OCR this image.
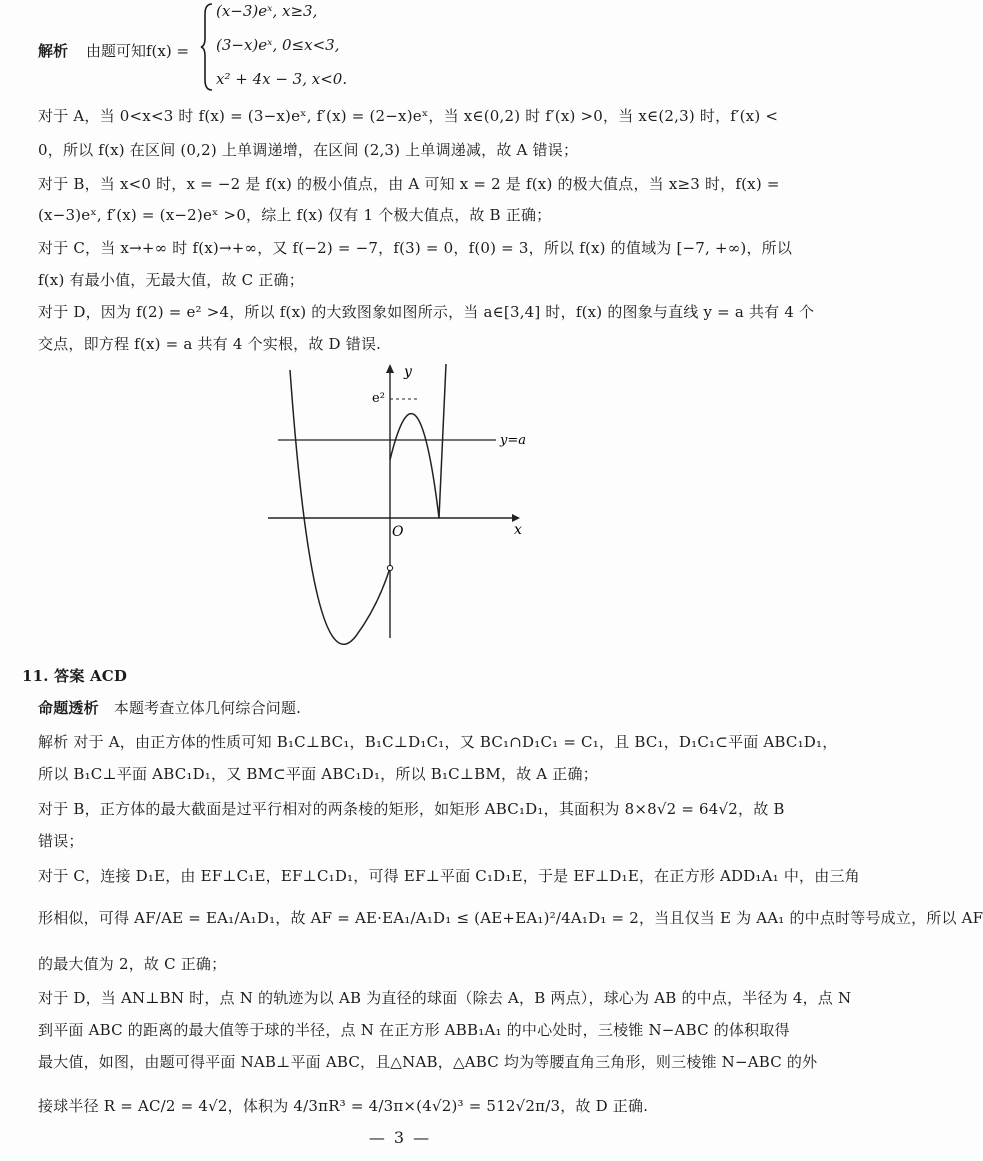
解析 由题可知f(x) =
(x−3)eˣ, x≥3,
(3−x)eˣ, 0≤x<3,
x² + 4x − 3, x<0.
对于 A，当 0<x<3 时 f(x) = (3−x)eˣ, f′(x) = (2−x)eˣ，当 x∈(0,2) 时 f′(x) >0，当 x∈(2,3) 时，f′(x) <
0，所以 f(x) 在区间 (0,2) 上单调递增，在区间 (2,3) 上单调递减，故 A 错误；
对于 B，当 x<0 时，x = −2 是 f(x) 的极小值点，由 A 可知 x = 2 是 f(x) 的极大值点，当 x≥3 时，f(x) =
(x−3)eˣ, f′(x) = (x−2)eˣ >0，综上 f(x) 仅有 1 个极大值点，故 B 正确；
对于 C，当 x→+∞ 时 f(x)→+∞，又 f(−2) = −7，f(3) = 0，f(0) = 3，所以 f(x) 的值域为 [−7, +∞)，所以
f(x) 有最小值，无最大值，故 C 正确；
对于 D，因为 f(2) = e² >4，所以 f(x) 的大致图象如图所示，当 a∈[3,4] 时，f(x) 的图象与直线 y = a 共有 4 个
交点，即方程 f(x) = a 共有 4 个实根，故 D 错误.
y
x
O
e²
y=a
11. 答案 ACD
命题透析 本题考查立体几何综合问题.
解析 对于 A，由正方体的性质可知 B₁C⊥BC₁，B₁C⊥D₁C₁，又 BC₁∩D₁C₁ = C₁，且 BC₁，D₁C₁⊂平面 ABC₁D₁，
所以 B₁C⊥平面 ABC₁D₁，又 BM⊂平面 ABC₁D₁，所以 B₁C⊥BM，故 A 正确；
对于 B，正方体的最大截面是过平行相对的两条棱的矩形，如矩形 ABC₁D₁，其面积为 8×8√2 = 64√2，故 B
错误；
对于 C，连接 D₁E，由 EF⊥C₁E，EF⊥C₁D₁，可得 EF⊥平面 C₁D₁E，于是 EF⊥D₁E，在正方形 ADD₁A₁ 中，由三角
形相似，可得 AF/AE = EA₁/A₁D₁，故 AF = AE·EA₁/A₁D₁ ≤ (AE+EA₁)²/4A₁D₁ = 2，当且仅当 E 为 AA₁ 的中点时等号成立，所以 AF
的最大值为 2，故 C 正确；
对于 D，当 AN⊥BN 时，点 N 的轨迹为以 AB 为直径的球面（除去 A，B 两点），球心为 AB 的中点，半径为 4，点 N
到平面 ABC 的距离的最大值等于球的半径，点 N 在正方形 ABB₁A₁ 的中心处时，三棱锥 N−ABC 的体积取得
最大值，如图，由题可得平面 NAB⊥平面 ABC，且△NAB，△ABC 均为等腰直角三角形，则三棱锥 N−ABC 的外
接球半径 R = AC/2 = 4√2，体积为 4/3πR³ = 4/3π×(4√2)³ = 512√2π/3，故 D 正确.
— 3 —
